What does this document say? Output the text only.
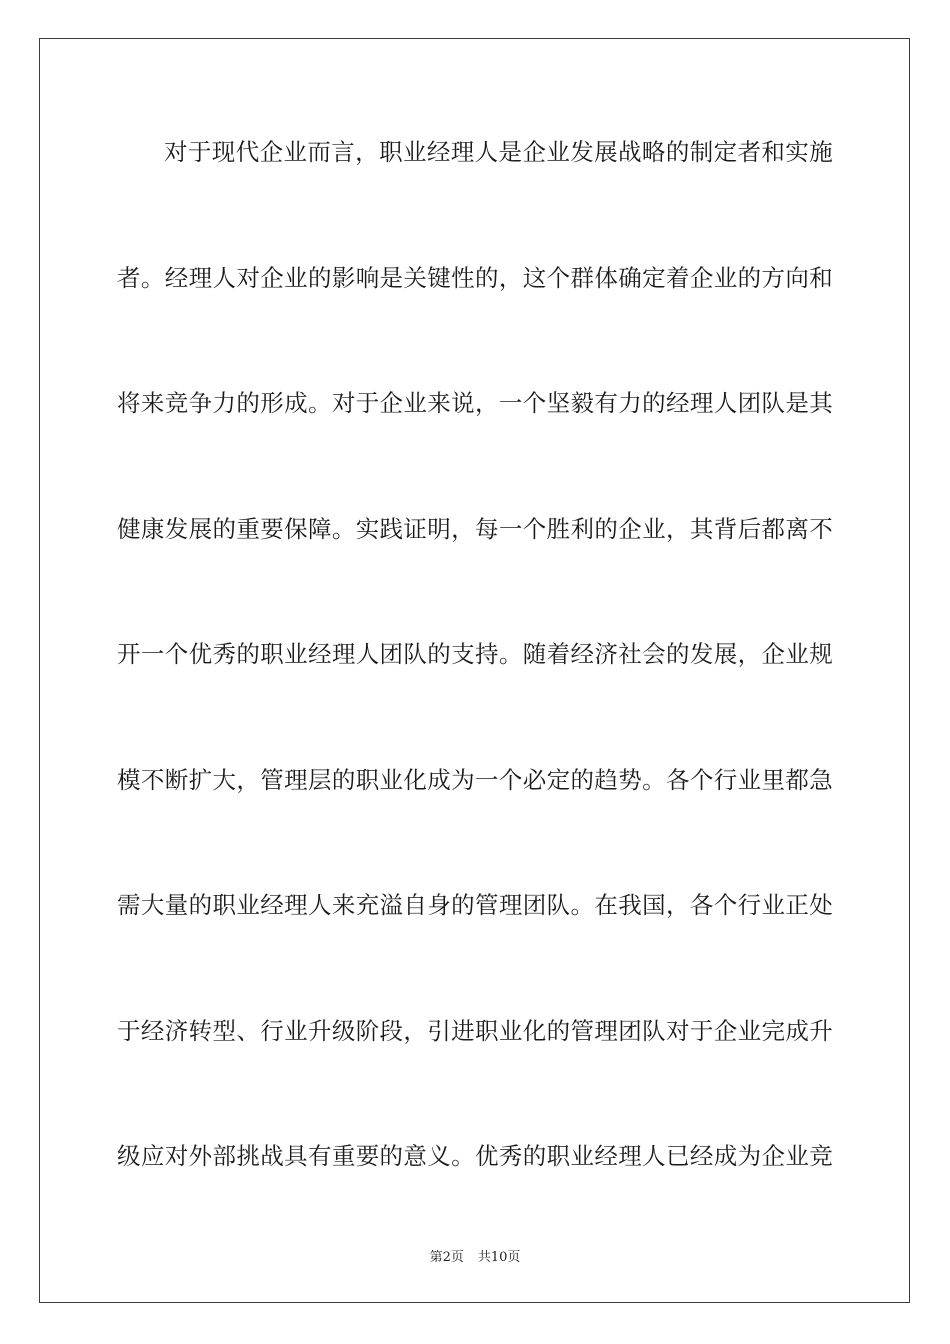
对于现代企业而言，职业经理人是企业发展战略的制定者和实施
者。经理人对企业的影响是关键性的，这个群体确定着企业的方向和
将来竞争力的形成。对于企业来说，一个坚毅有力的经理人团队是其
健康发展的重要保障。实践证明，每一个胜利的企业，其背后都离不
开一个优秀的职业经理人团队的支持。随着经济社会的发展，企业规
模不断扩大，管理层的职业化成为一个必定的趋势。各个行业里都急
需大量的职业经理人来充溢自身的管理团队。在我国，各个行业正处
于经济转型、行业升级阶段，引进职业化的管理团队对于企业完成升
级应对外部挑战具有重要的意义。优秀的职业经理人已经成为企业竞
第2页 共10页
